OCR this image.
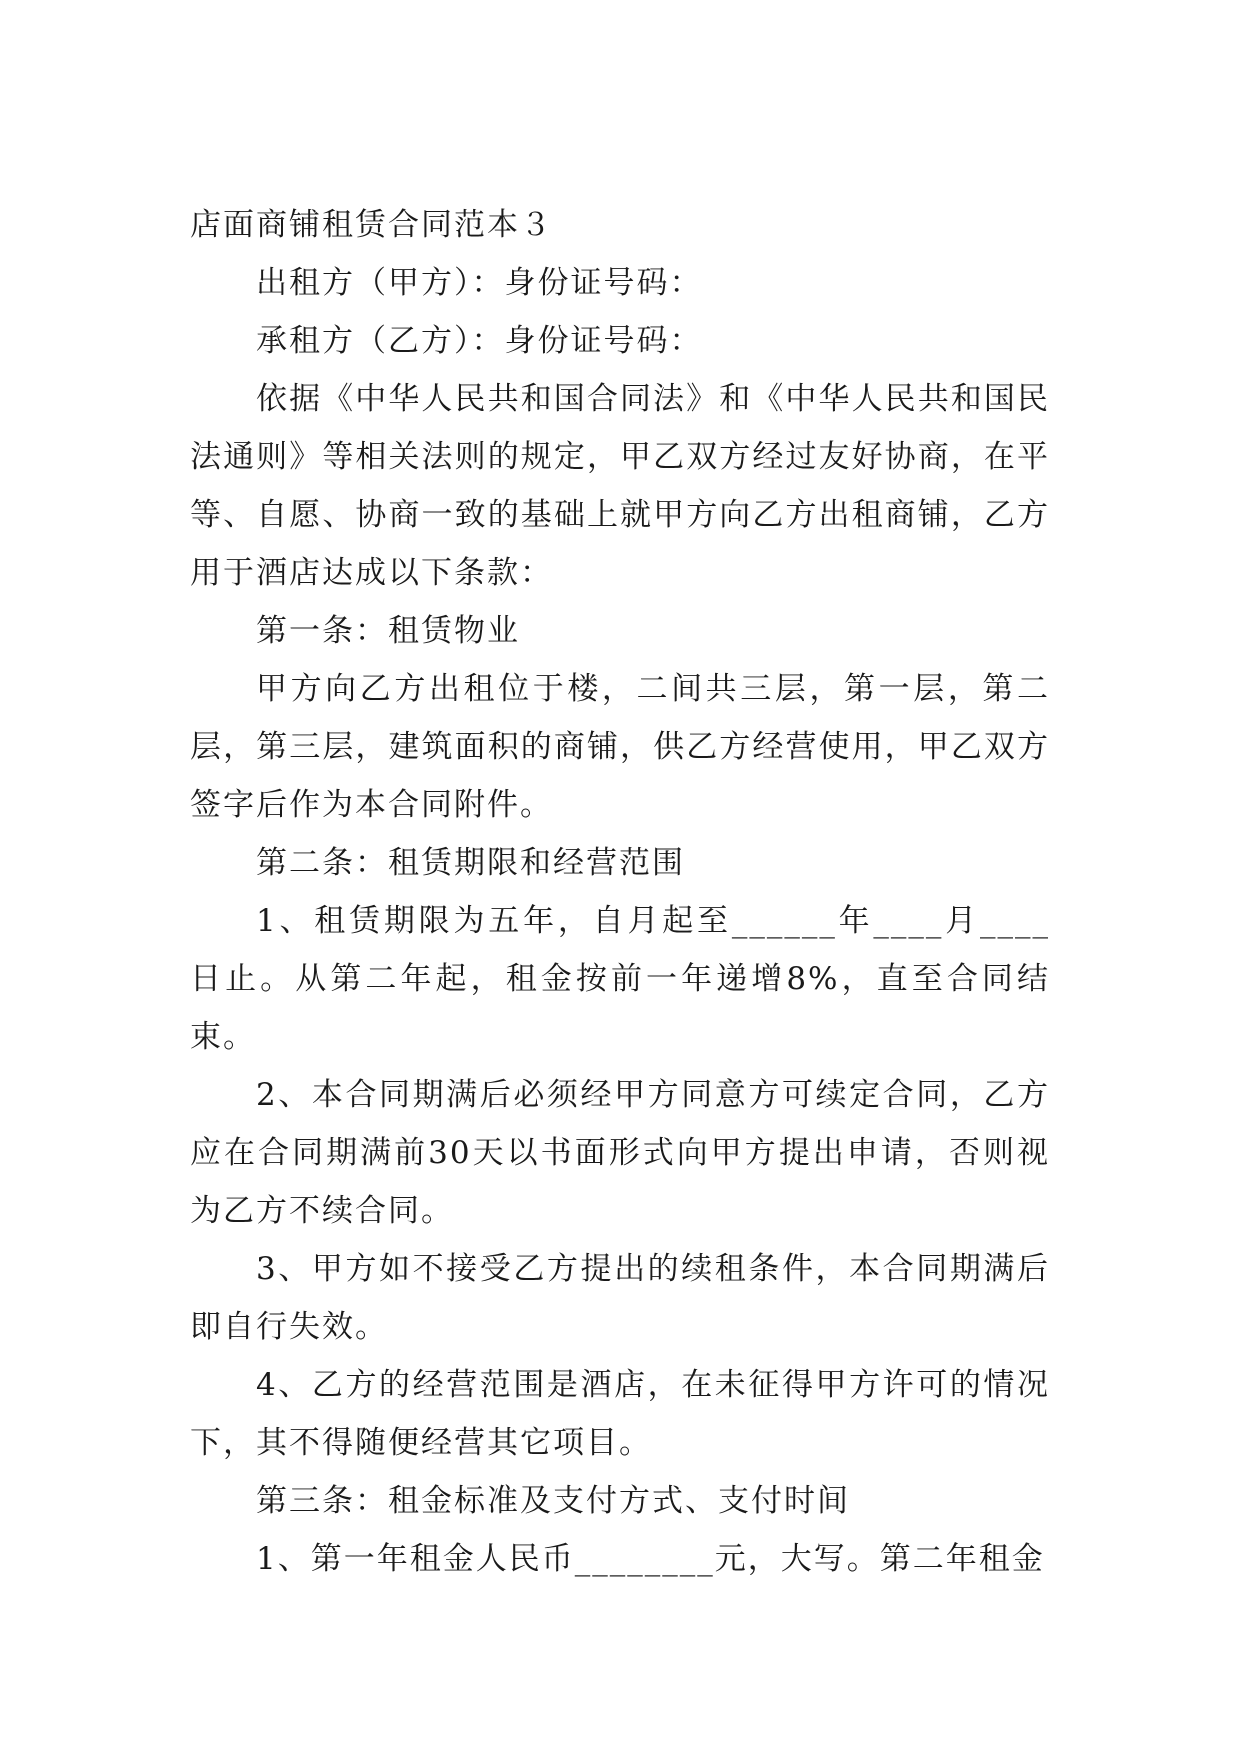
店面商铺租赁合同范本３

出租方（甲方）：身份证号码：

承租方（乙方）：身份证号码：

依据《中华人民共和国合同法》和《中华人民共和国民法通则》等相关法则的规定，甲乙双方经过友好协商，在平等、自愿、协商一致的基础上就甲方向乙方出租商铺，乙方用于酒店达成以下条款：

第一条：租赁物业

甲方向乙方出租位于楼，二间共三层，第一层，第二层，第三层，建筑面积的商铺，供乙方经营使用，甲乙双方签字后作为本合同附件。

第二条：租赁期限和经营范围

1、租赁期限为五年，自月起至______年____月____日止。从第二年起，租金按前一年递增8%，直至合同结束。

2、本合同期满后必须经甲方同意方可续定合同，乙方应在合同期满前30天以书面形式向甲方提出申请，否则视为乙方不续合同。

3、甲方如不接受乙方提出的续租条件，本合同期满后即自行失效。

4、乙方的经营范围是酒店，在未征得甲方许可的情况下，其不得随便经营其它项目。

第三条：租金标准及支付方式、支付时间

1、第一年租金人民币________元，大写。第二年租金
